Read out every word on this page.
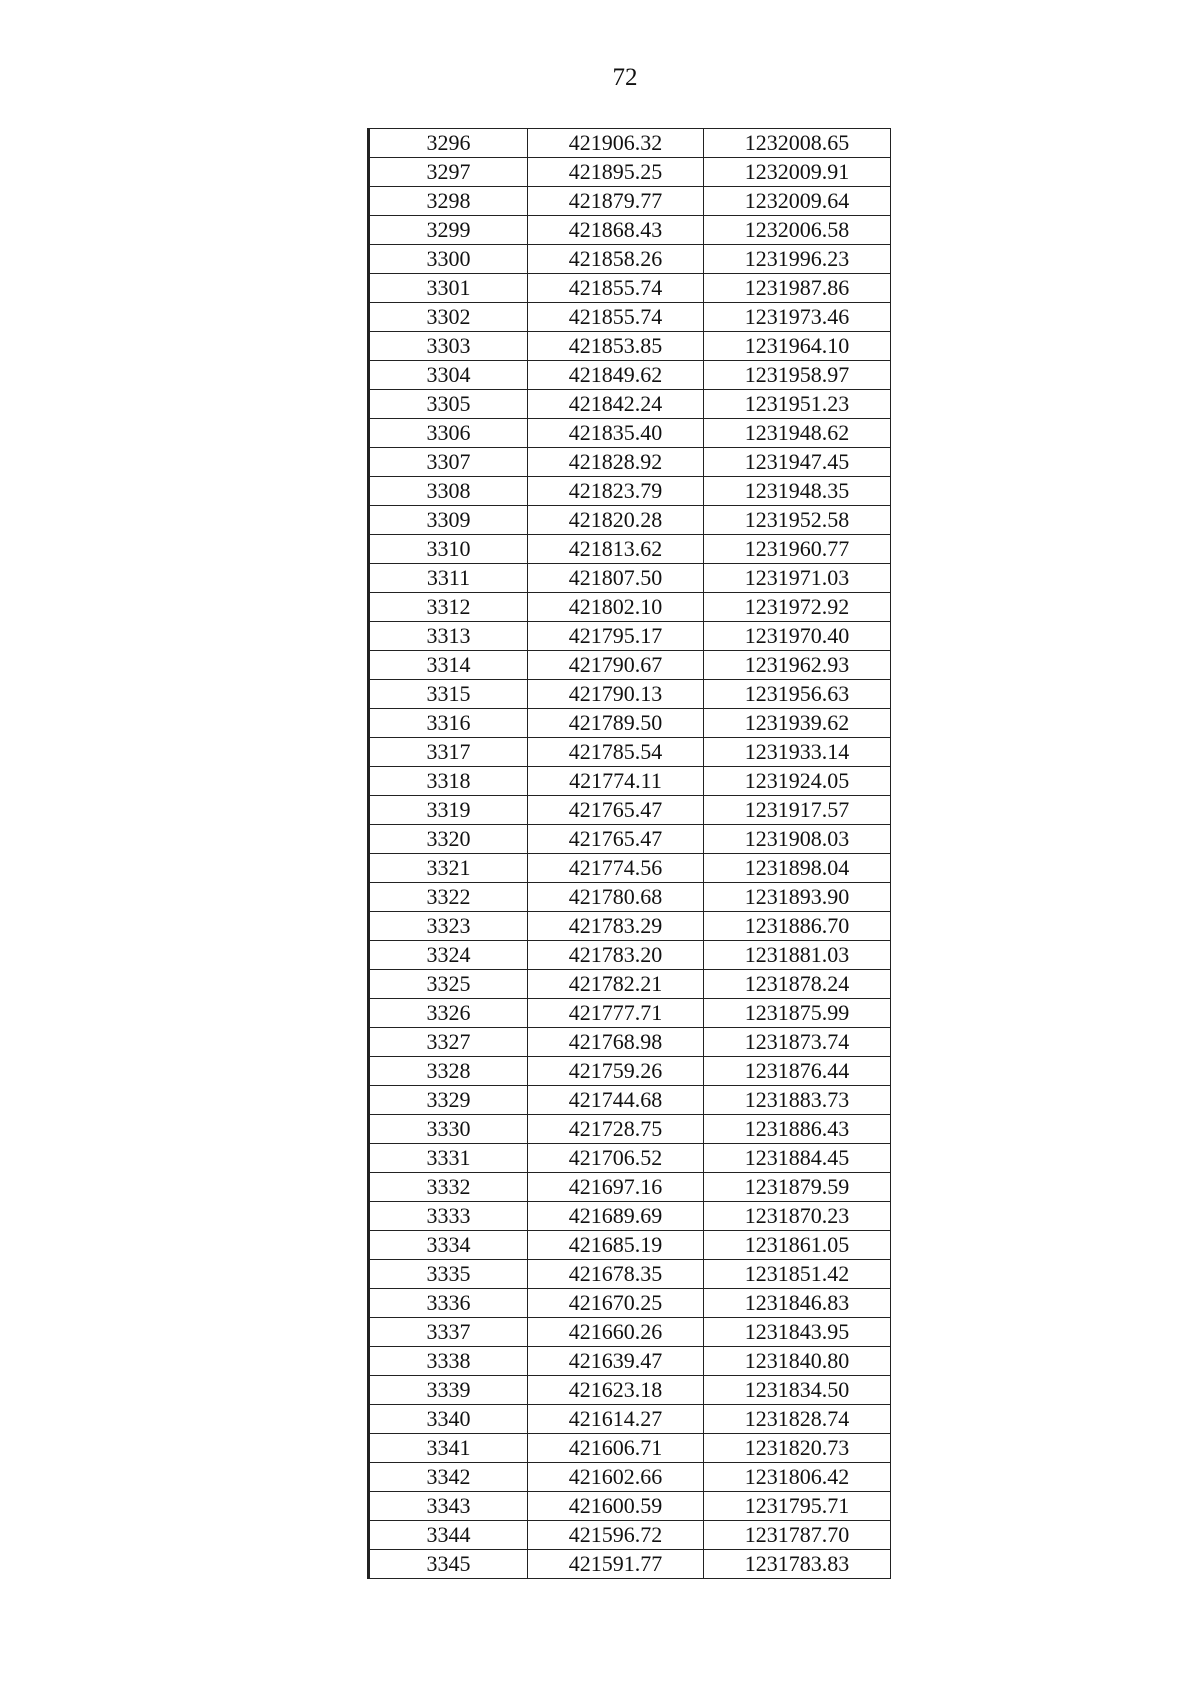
72
3296	421906.32	1232008.65
3297	421895.25	1232009.91
3298	421879.77	1232009.64
3299	421868.43	1232006.58
3300	421858.26	1231996.23
3301	421855.74	1231987.86
3302	421855.74	1231973.46
3303	421853.85	1231964.10
3304	421849.62	1231958.97
3305	421842.24	1231951.23
3306	421835.40	1231948.62
3307	421828.92	1231947.45
3308	421823.79	1231948.35
3309	421820.28	1231952.58
3310	421813.62	1231960.77
3311	421807.50	1231971.03
3312	421802.10	1231972.92
3313	421795.17	1231970.40
3314	421790.67	1231962.93
3315	421790.13	1231956.63
3316	421789.50	1231939.62
3317	421785.54	1231933.14
3318	421774.11	1231924.05
3319	421765.47	1231917.57
3320	421765.47	1231908.03
3321	421774.56	1231898.04
3322	421780.68	1231893.90
3323	421783.29	1231886.70
3324	421783.20	1231881.03
3325	421782.21	1231878.24
3326	421777.71	1231875.99
3327	421768.98	1231873.74
3328	421759.26	1231876.44
3329	421744.68	1231883.73
3330	421728.75	1231886.43
3331	421706.52	1231884.45
3332	421697.16	1231879.59
3333	421689.69	1231870.23
3334	421685.19	1231861.05
3335	421678.35	1231851.42
3336	421670.25	1231846.83
3337	421660.26	1231843.95
3338	421639.47	1231840.80
3339	421623.18	1231834.50
3340	421614.27	1231828.74
3341	421606.71	1231820.73
3342	421602.66	1231806.42
3343	421600.59	1231795.71
3344	421596.72	1231787.70
3345	421591.77	1231783.83
